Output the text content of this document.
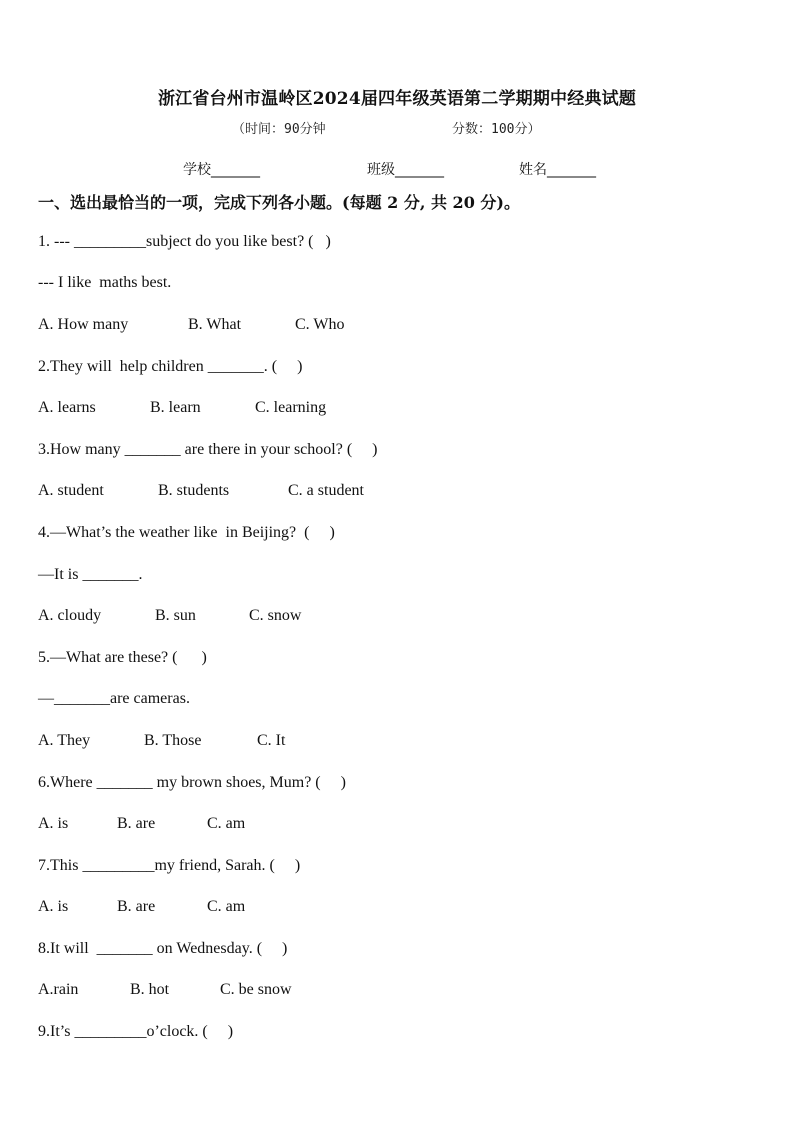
浙江省台州市温岭区2024届四年级英语第二学期期中经典试题
（时间：90分钟	分数：100分）
学校_______	班级_______	姓名_______
一、选出最恰当的一项，完成下列各小题。(每题 2 分, 共 20 分)。
1. --- _________subject do you like best? (   )
--- I like  maths best.
A. How many	B. What	C. Who
2.They will  help children _______. (     )
A. learns	B. learn	C. learning
3.How many _______ are there in your school? (     )
A. student	B. students	C. a student
4.—What’s the weather like  in Beijing?  (     )
—It is _______.
A. cloudy	B. sun	C. snow
5.—What are these? (      )
—_______are cameras.
A. They	B. Those	C. It
6.Where _______ my brown shoes, Mum? (     )
A. is	B. are	C. am
7.This _________my friend, Sarah. (     )
A. is	B. are	C. am
8.It will  _______ on Wednesday. (     )
A.rain	B. hot	C. be snow
9.It’s _________o’clock. (     )
